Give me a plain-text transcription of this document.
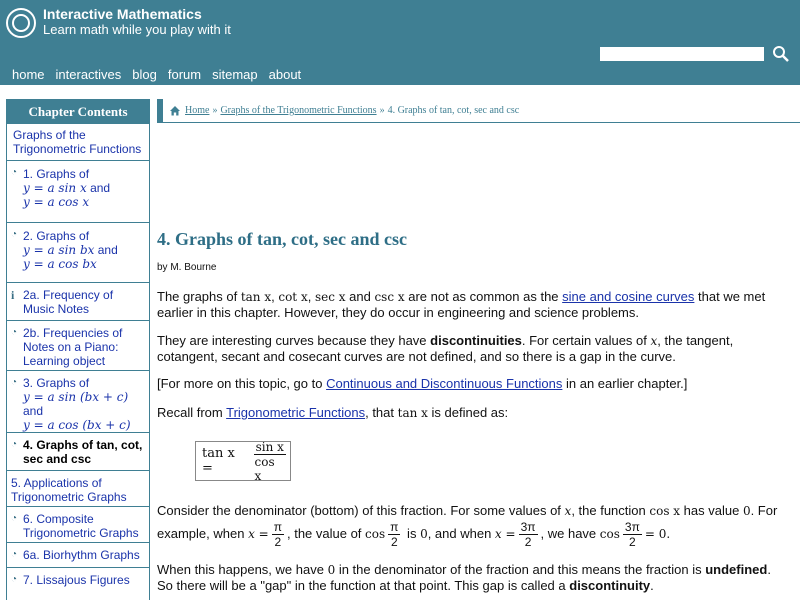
Interactive Mathematics
Learn math while you play with it
home interactives blog forum sitemap about
Chapter Contents
Graphs of the Trigonometric Functions
◔ 1. Graphs of
y = a sin x and
y = a cos x
◔ 2. Graphs of
y = a sin bx and
y = a cos bx
i 2a. Frequency of Music Notes
◔ 2b. Frequencies of Notes on a Piano: Learning object
◔ 3. Graphs of
y = a sin (bx + c) and
y = a cos (bx + c)
◔ 4. Graphs of tan, cot, sec and csc
5. Applications of Trigonometric Graphs
◔ 6. Composite Trigonometric Graphs
◔ 6a. Biorhythm Graphs
◔ 7. Lissajous Figures
Home » Graphs of the Trigonometric Functions » 4. Graphs of tan, cot, sec and csc
4. Graphs of tan, cot, sec and csc
by M. Bourne
The graphs of tan x, cot x, sec x and csc x are not as common as the sine and cosine curves that we met earlier in this chapter. However, they do occur in engineering and science problems.
They are interesting curves because they have discontinuities. For certain values of x, the tangent, cotangent, secant and cosecant curves are not defined, and so there is a gap in the curve.
[For more on this topic, go to Continuous and Discontinuous Functions in an earlier chapter.]
Recall from Trigonometric Functions, that tan x is defined as:
tan x =	$\frac{\text{sin x}}{\text{cos x}}$
Consider the denominator (bottom) of this fraction. For some values of x, the function cos x has value 0. For example, when $x = \frac{\pi}{2}$ , the value of $\cos \frac{\pi}{2}$ is 0, and when $x = \frac{3\pi}{2}$ , we have $\cos \frac{3\pi}{2} = 0$.
When this happens, we have 0 in the denominator of the fraction and this means the fraction is undefined. So there will be a "gap" in the function at that point. This gap is called a discontinuity.
